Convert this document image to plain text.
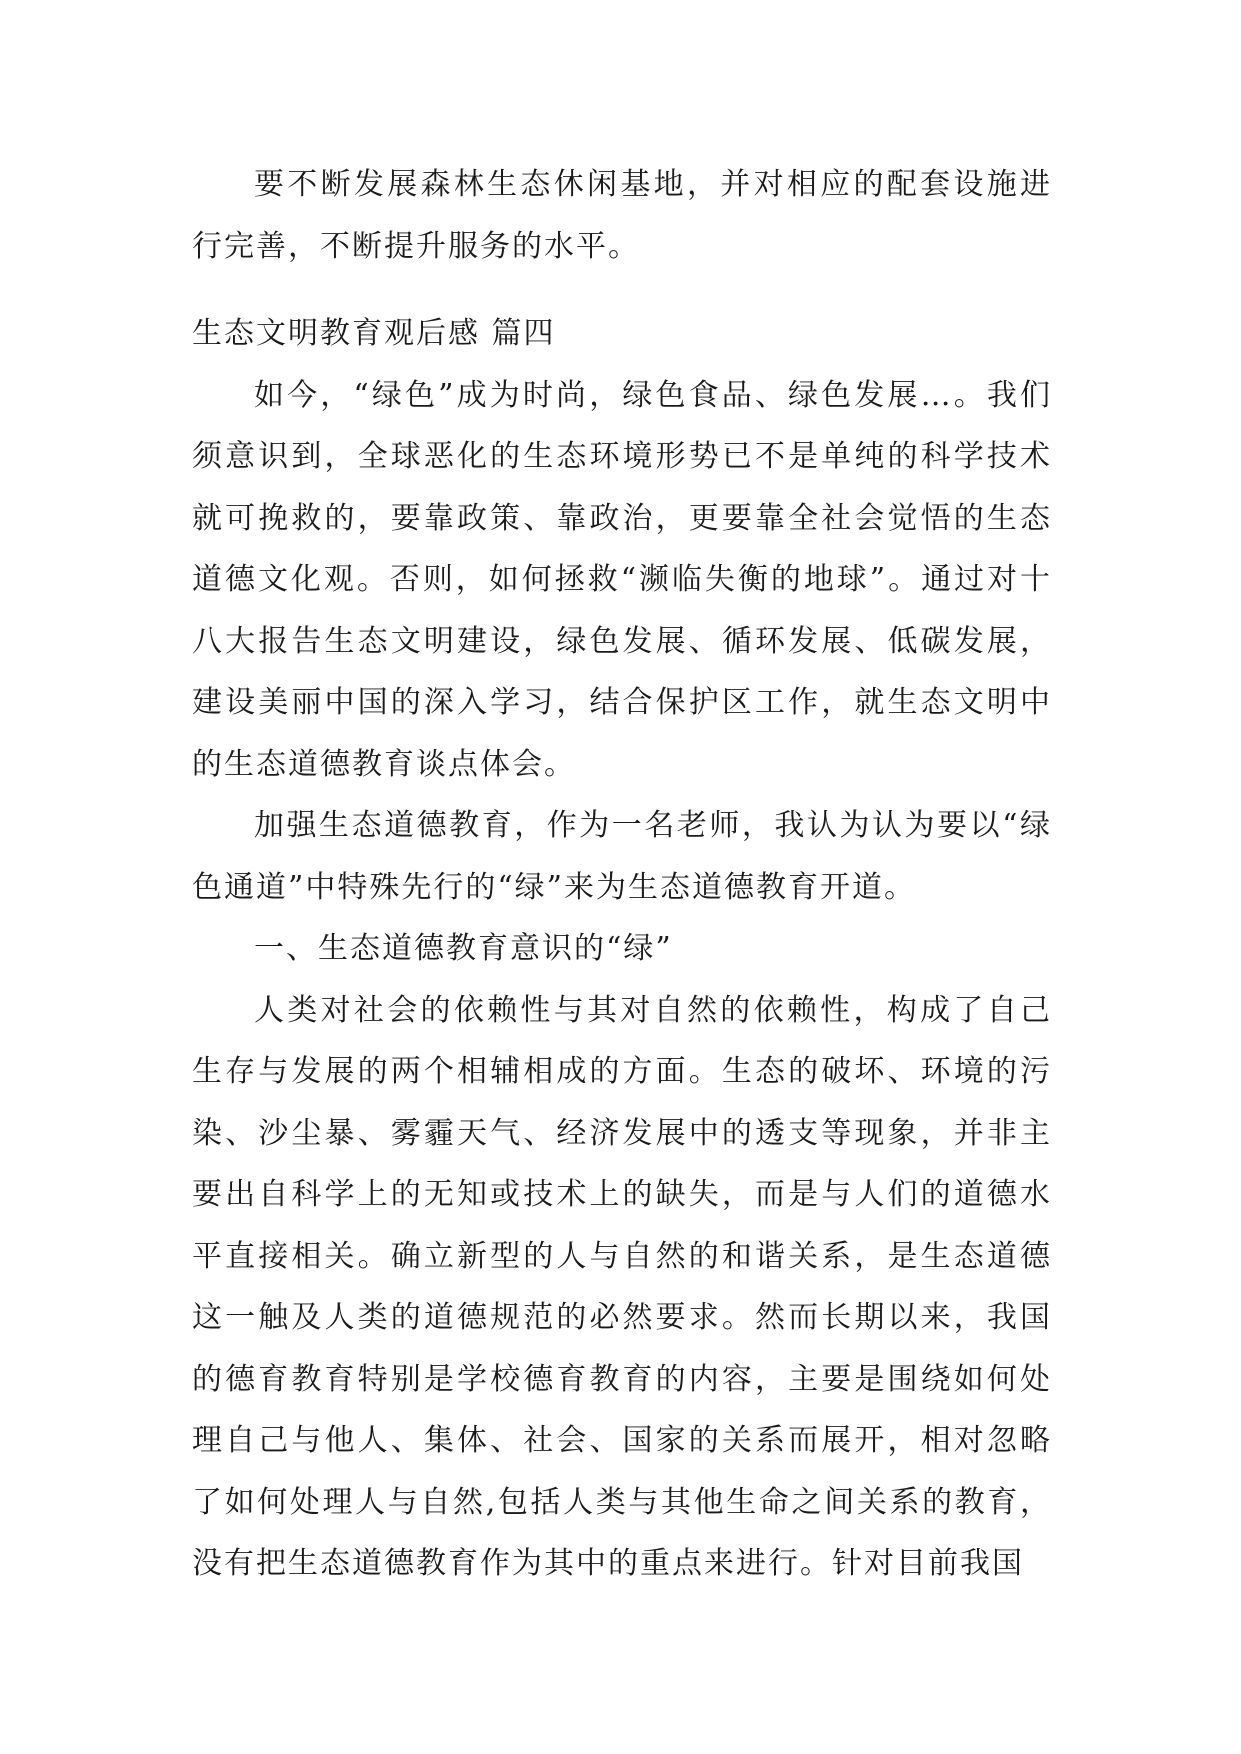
要不断发展森林生态休闲基地，并对相应的配套设施进行完善，不断提升服务的水平。

生态文明教育观后感 篇四

如今，“绿色”成为时尚，绿色食品、绿色发展…。我们须意识到，全球恶化的生态环境形势已不是单纯的科学技术就可挽救的，要靠政策、靠政治，更要靠全社会觉悟的生态道德文化观。否则，如何拯救“濒临失衡的地球”。通过对十八大报告生态文明建设，绿色发展、循环发展、低碳发展，建设美丽中国的深入学习，结合保护区工作，就生态文明中的生态道德教育谈点体会。

加强生态道德教育，作为一名老师，我认为认为要以“绿色通道”中特殊先行的“绿”来为生态道德教育开道。

一、生态道德教育意识的“绿”

人类对社会的依赖性与其对自然的依赖性，构成了自己生存与发展的两个相辅相成的方面。生态的破坏、环境的污染、沙尘暴、雾霾天气、经济发展中的透支等现象，并非主要出自科学上的无知或技术上的缺失，而是与人们的道德水平直接相关。确立新型的人与自然的和谐关系，是生态道德这一触及人类的道德规范的必然要求。然而长期以来，我国的德育教育特别是学校德育教育的内容，主要是围绕如何处理自己与他人、集体、社会、国家的关系而展开，相对忽略了如何处理人与自然,包括人类与其他生命之间关系的教育，没有把生态道德教育作为其中的重点来进行。针对目前我国
